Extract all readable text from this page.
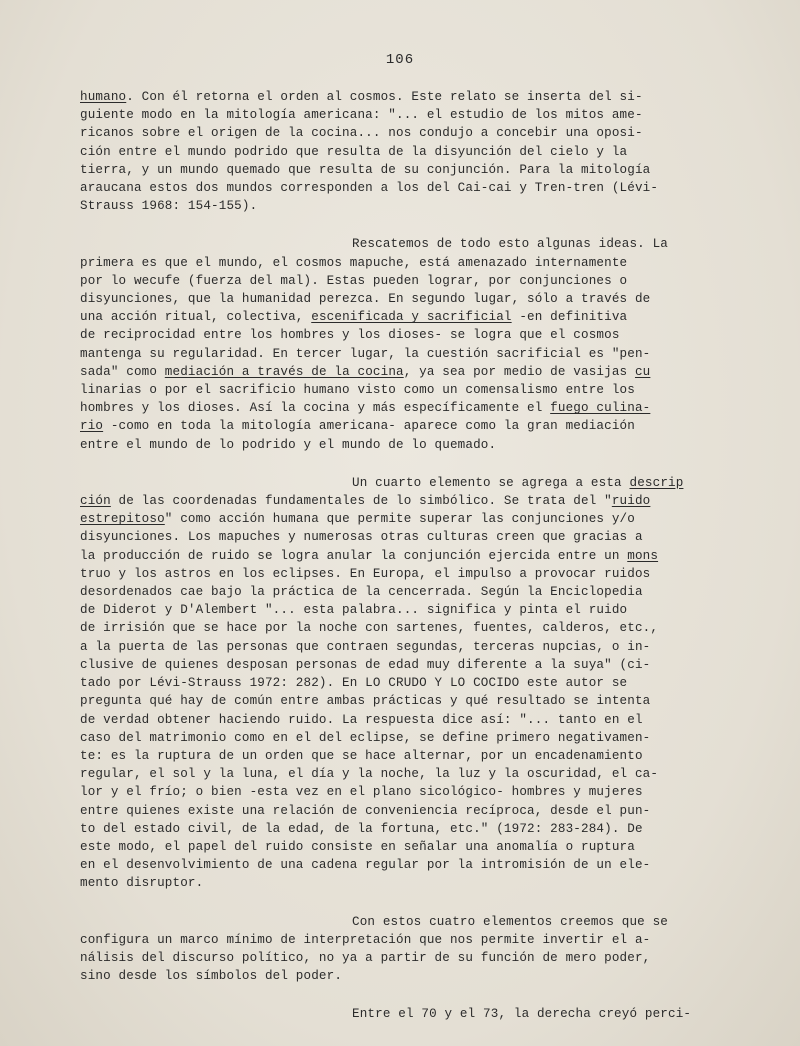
106
humano. Con él retorna el orden al cosmos. Este relato se inserta del si-
guiente modo en la mitología americana: "... el estudio de los mitos ame-
ricanos sobre el origen de la cocina... nos condujo a concebir una oposi-
ción entre el mundo podrido que resulta de la disyunción del cielo y la
tierra, y un mundo quemado que resulta de su conjunción. Para la mitología
araucana estos dos mundos corresponden a los del Cai-cai y Tren-tren (Lévi-
Strauss 1968: 154-155).
Rescatemos de todo esto algunas ideas. La
primera es que el mundo, el cosmos mapuche, está amenazado internamente
por lo wecufe (fuerza del mal). Estas pueden lograr, por conjunciones o
disyunciones, que la humanidad perezca. En segundo lugar, sólo a través de
una acción ritual, colectiva, escenificada y sacrificial -en definitiva
de reciprocidad entre los hombres y los dioses- se logra que el cosmos
mantenga su regularidad. En tercer lugar, la cuestión sacrificial es "pen-
sada" como mediación a través de la cocina, ya sea por medio de vasijas cu
linarias o por el sacrificio humano visto como un comensalismo entre los
hombres y los dioses. Así la cocina y más específicamente el fuego culina-
rio -como en toda la mitología americana- aparece como la gran mediación
entre el mundo de lo podrido y el mundo de lo quemado.
Un cuarto elemento se agrega a esta descrip
ción de las coordenadas fundamentales de lo simbólico. Se trata del "ruido
estrepitoso" como acción humana que permite superar las conjunciones y/o
disyunciones. Los mapuches y numerosas otras culturas creen que gracias a
la producción de ruido se logra anular la conjunción ejercida entre un mons
truo y los astros en los eclipses. En Europa, el impulso a provocar ruidos
desordenados cae bajo la práctica de la cencerrada. Según la Enciclopedia
de Diderot y D'Alembert "... esta palabra... significa y pinta el ruido
de irrisión que se hace por la noche con sartenes, fuentes, calderos, etc.,
a la puerta de las personas que contraen segundas, terceras nupcias, o in-
clusive de quienes desposan personas de edad muy diferente a la suya" (ci-
tado por Lévi-Strauss 1972: 282). En LO CRUDO Y LO COCIDO este autor se
pregunta qué hay de común entre ambas prácticas y qué resultado se intenta
de verdad obtener haciendo ruido. La respuesta dice así: "... tanto en el
caso del matrimonio como en el del eclipse, se define primero negativamen-
te: es la ruptura de un orden que se hace alternar, por un encadenamiento
regular, el sol y la luna, el día y la noche, la luz y la oscuridad, el ca-
lor y el frío; o bien -esta vez en el plano sicológico- hombres y mujeres
entre quienes existe una relación de conveniencia recíproca, desde el pun-
to del estado civil, de la edad, de la fortuna, etc." (1972: 283-284). De
este modo, el papel del ruido consiste en señalar una anomalía o ruptura
en el desenvolvimiento de una cadena regular por la intromisión de un ele-
mento disruptor.
Con estos cuatro elementos creemos que se
configura un marco mínimo de interpretación que nos permite invertir el a-
nálisis del discurso político, no ya a partir de su función de mero poder,
sino desde los símbolos del poder.
Entre el 70 y el 73, la derecha creyó perci-
